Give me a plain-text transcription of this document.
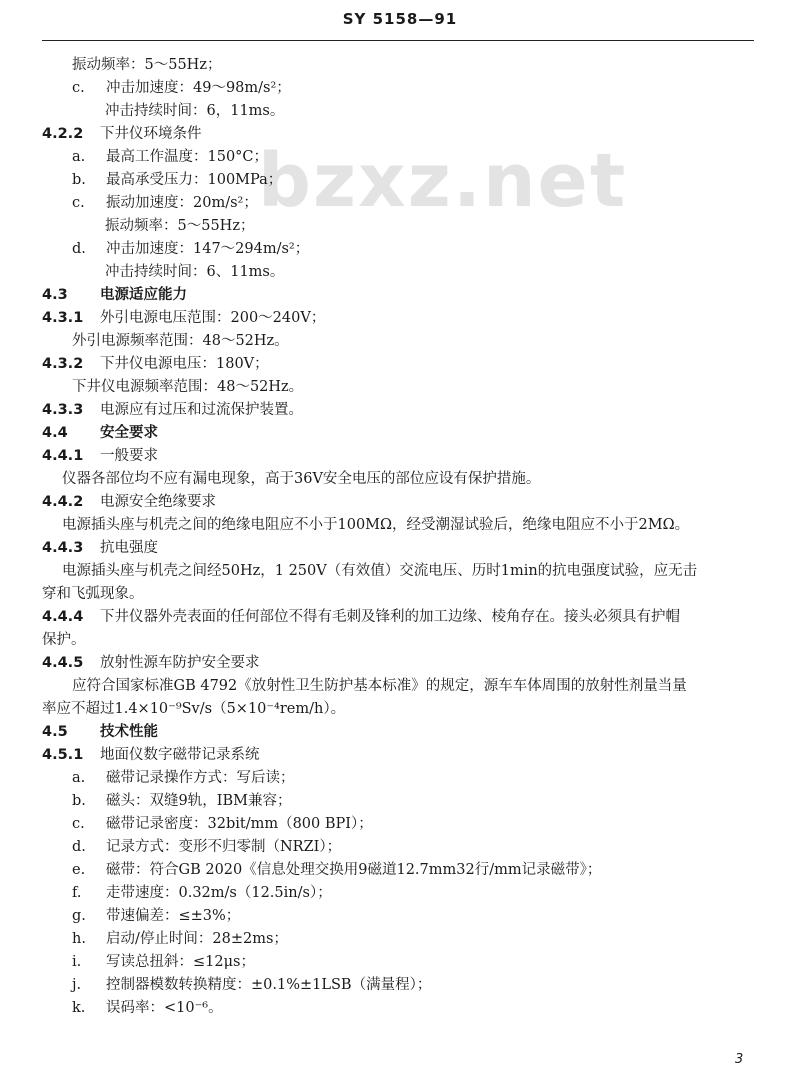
SY 5158—91
bzxz.net
振动频率：5～55Hz；
c. 冲击加速度：49～98m/s²；
冲击持续时间：6，11ms。
4.2.2 下井仪环境条件
a. 最高工作温度：150°C；
b. 最高承受压力：100MPa；
c. 振动加速度：20m/s²；
振动频率：5～55Hz；
d. 冲击加速度：147～294m/s²；
冲击持续时间：6、11ms。
4.3 电源适应能力
4.3.1 外引电源电压范围：200～240V；
外引电源频率范围：48～52Hz。
4.3.2 下井仪电源电压：180V；
下井仪电源频率范围：48～52Hz。
4.3.3 电源应有过压和过流保护装置。
4.4 安全要求
4.4.1 一般要求
仪器各部位均不应有漏电现象，高于36V安全电压的部位应设有保护措施。
4.4.2 电源安全绝缘要求
电源插头座与机壳之间的绝缘电阻应不小于100MΩ，经受潮湿试验后，绝缘电阻应不小于2MΩ。
4.4.3 抗电强度
电源插头座与机壳之间经50Hz，1 250V（有效值）交流电压、历时1min的抗电强度试验，应无击
穿和飞弧现象。
4.4.4 下井仪器外壳表面的任何部位不得有毛刺及锋利的加工边缘、棱角存在。接头必须具有护帽
保护。
4.4.5 放射性源车防护安全要求
应符合国家标准GB 4792《放射性卫生防护基本标准》的规定，源车车体周围的放射性剂量当量
率应不超过1.4×10⁻⁹Sv/s（5×10⁻⁴rem/h）。
4.5 技术性能
4.5.1 地面仪数字磁带记录系统
a. 磁带记录操作方式：写后读；
b. 磁头：双缝9轨，IBM兼容；
c. 磁带记录密度：32bit/mm（800 BPI）；
d. 记录方式：变形不归零制（NRZI）；
e. 磁带：符合GB 2020《信息处理交换用9磁道12.7mm32行/mm记录磁带》；
f. 走带速度：0.32m/s（12.5in/s）；
g. 带速偏差：≤±3%；
h. 启动/停止时间：28±2ms；
i. 写读总扭斜：≤12μs；
j. 控制器模数转换精度：±0.1%±1LSB（满量程）；
k. 误码率：<10⁻⁶。
3
